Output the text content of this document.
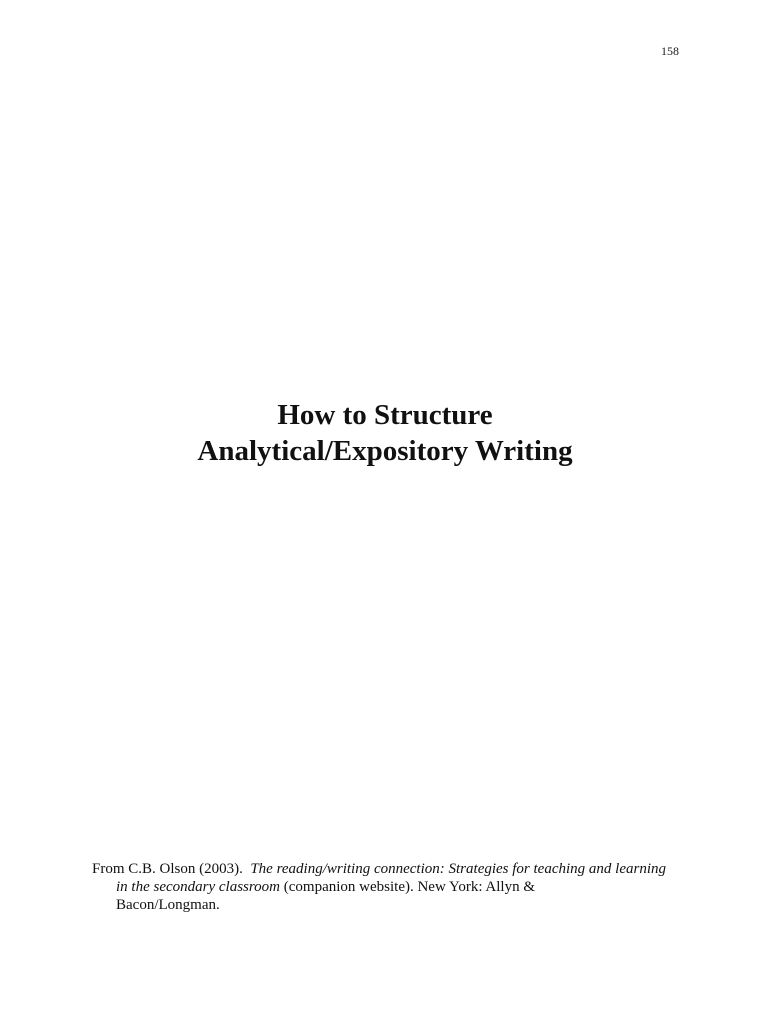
158
How to Structure
Analytical/Expository Writing
From C.B. Olson (2003). The reading/writing connection: Strategies for teaching and learning
in the secondary classroom (companion website). New York: Allyn &
Bacon/Longman.
